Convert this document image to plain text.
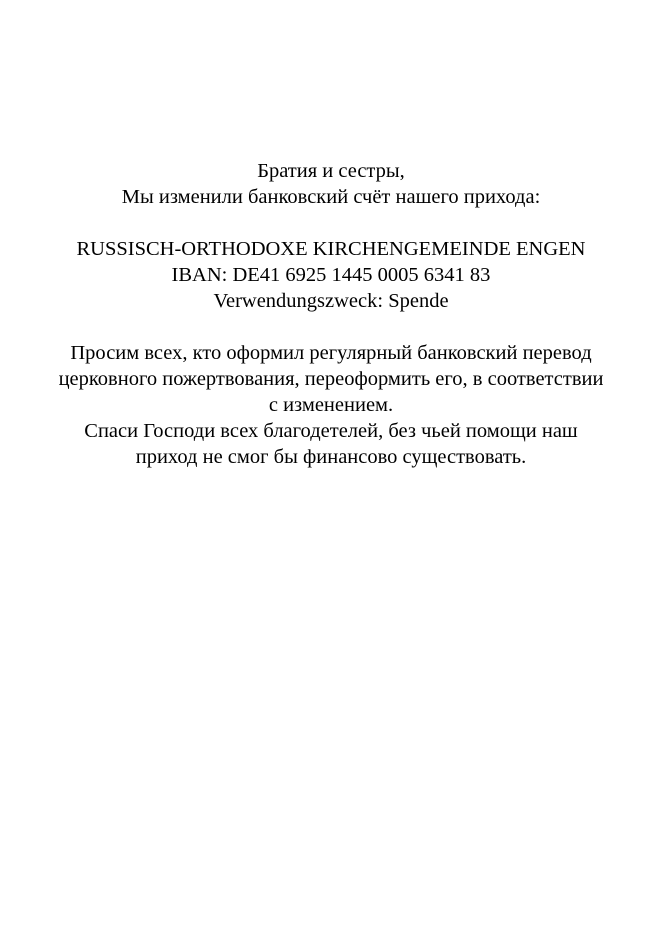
Братия и сестры,
Мы изменили банковский счёт нашего прихода:

RUSSISCH-ORTHODOXE KIRCHENGEMEINDE ENGEN
IBAN: DE41 6925 1445 0005 6341 83
Verwendungszweck: Spende

Просим всех, кто оформил регулярный банковский перевод
церковного пожертвования, переоформить его, в соответствии
с изменением.
Спаси Господи всех благодетелей, без чьей помощи наш
приход не смог бы финансово существовать.
